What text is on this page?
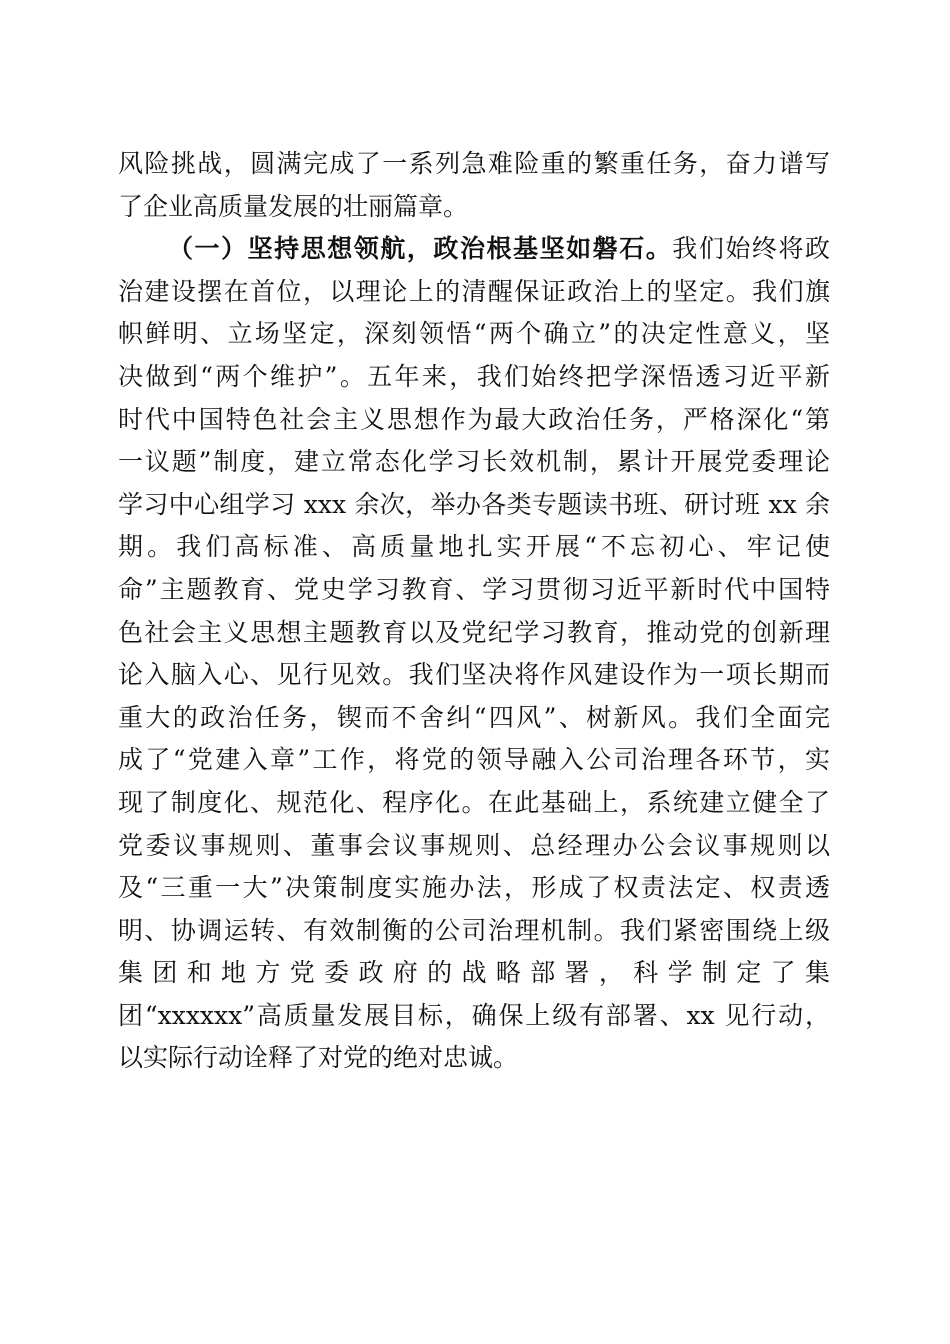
风险挑战，圆满完成了一系列急难险重的繁重任务，奋力谱写
了企业高质量发展的壮丽篇章。
（一）坚持思想领航，政治根基坚如磐石。我们始终将政
治建设摆在首位，以理论上的清醒保证政治上的坚定。我们旗
帜鲜明、立场坚定，深刻领悟“两个确立”的决定性意义，坚
决做到“两个维护”。五年来，我们始终把学深悟透习近平新
时代中国特色社会主义思想作为最大政治任务，严格深化“第
一议题”制度，建立常态化学习长效机制，累计开展党委理论
学习中心组学习 xxx 余次，举办各类专题读书班、研讨班 xx 余
期。我们高标准、高质量地扎实开展“不忘初心、牢记使
命”主题教育、党史学习教育、学习贯彻习近平新时代中国特
色社会主义思想主题教育以及党纪学习教育，推动党的创新理
论入脑入心、见行见效。我们坚决将作风建设作为一项长期而
重大的政治任务，锲而不舍纠“四风”、树新风。我们全面完
成了“党建入章”工作，将党的领导融入公司治理各环节，实
现了制度化、规范化、程序化。在此基础上，系统建立健全了
党委议事规则、董事会议事规则、总经理办公会议事规则以
及“三重一大”决策制度实施办法，形成了权责法定、权责透
明、协调运转、有效制衡的公司治理机制。我们紧密围绕上级
集团和地方党委政府的战略部署，科学制定了集
团“xxxxxx”高质量发展目标，确保上级有部署、xx 见行动，
以实际行动诠释了对党的绝对忠诚。
